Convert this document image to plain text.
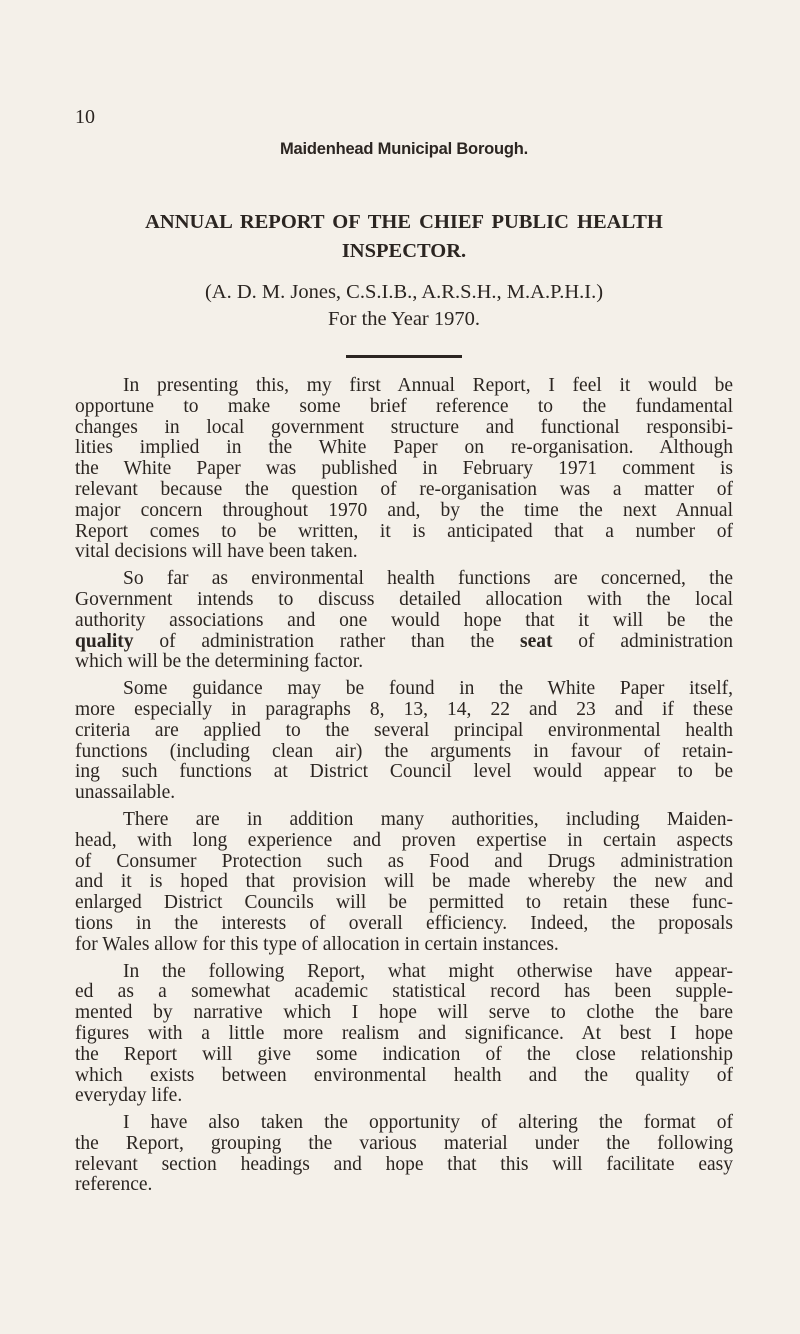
10
Maidenhead Municipal Borough.
ANNUAL REPORT OF THE CHIEF PUBLIC HEALTH
INSPECTOR.
(A. D. M. Jones, C.S.I.B., A.R.S.H., M.A.P.H.I.)
For the Year 1970.
In presenting this, my first Annual Report, I feel it would be
opportune to make some brief reference to the fundamental
changes in local government structure and functional responsibi-
lities implied in the White Paper on re-organisation. Although
the White Paper was published in February 1971 comment is
relevant because the question of re-organisation was a matter of
major concern throughout 1970 and, by the time the next Annual
Report comes to be written, it is anticipated that a number of
vital decisions will have been taken.
So far as environmental health functions are concerned, the
Government intends to discuss detailed allocation with the local
authority associations and one would hope that it will be the
quality of administration rather than the seat of administration
which will be the determining factor.
Some guidance may be found in the White Paper itself,
more especially in paragraphs 8, 13, 14, 22 and 23 and if these
criteria are applied to the several principal environmental health
functions (including clean air) the arguments in favour of retain-
ing such functions at District Council level would appear to be
unassailable.
There are in addition many authorities, including Maiden-
head, with long experience and proven expertise in certain aspects
of Consumer Protection such as Food and Drugs administration
and it is hoped that provision will be made whereby the new and
enlarged District Councils will be permitted to retain these func-
tions in the interests of overall efficiency. Indeed, the proposals
for Wales allow for this type of allocation in certain instances.
In the following Report, what might otherwise have appear-
ed as a somewhat academic statistical record has been supple-
mented by narrative which I hope will serve to clothe the bare
figures with a little more realism and significance. At best I hope
the Report will give some indication of the close relationship
which exists between environmental health and the quality of
everyday life.
I have also taken the opportunity of altering the format of
the Report, grouping the various material under the following
relevant section headings and hope that this will facilitate easy
reference.
